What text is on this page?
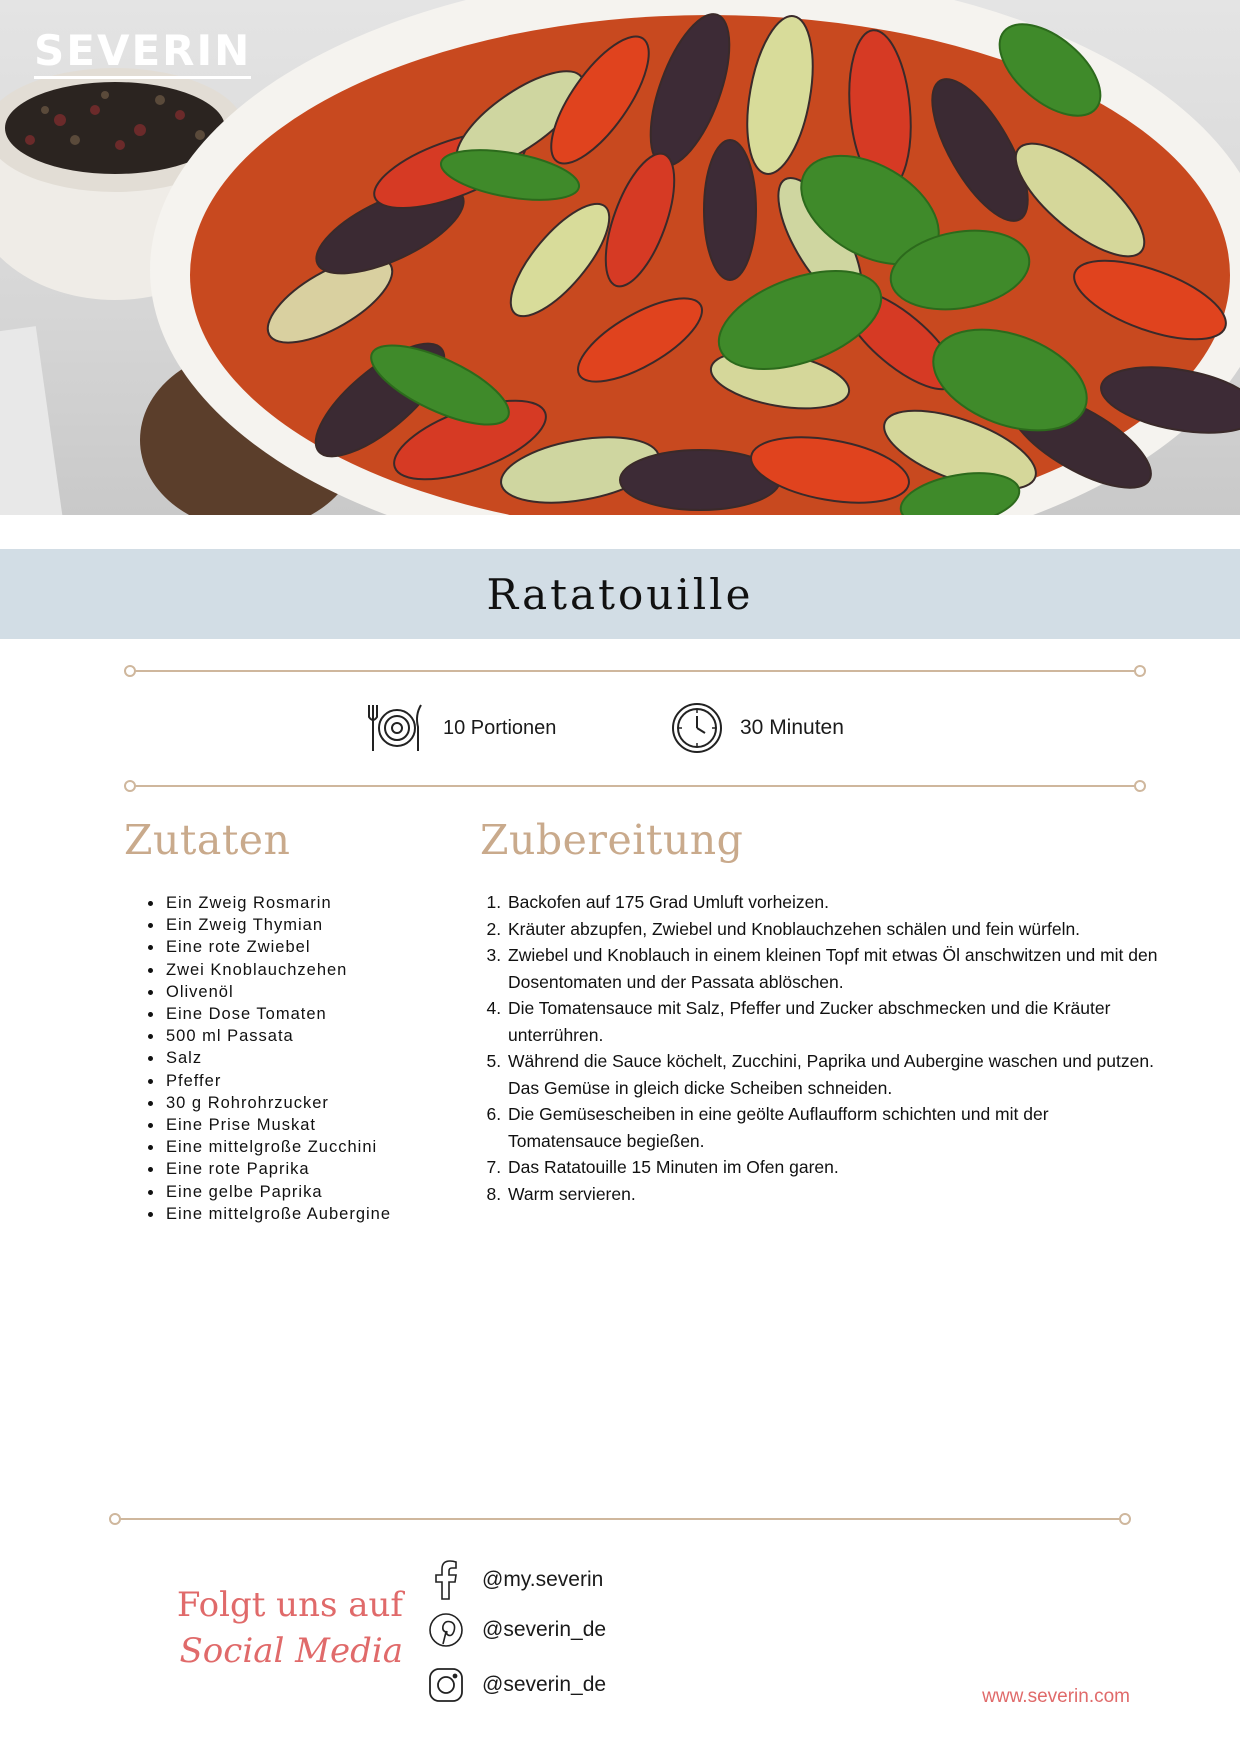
SEVERIN
Ratatouille
10 Portionen	30 Minuten
Zutaten
• Ein Zweig Rosmarin
• Ein Zweig Thymian
• Eine rote Zwiebel
• Zwei Knoblauchzehen
• Olivenöl
• Eine Dose Tomaten
• 500 ml Passata
• Salz
• Pfeffer
• 30 g Rohrohrzucker
• Eine Prise Muskat
• Eine mittelgroße Zucchini
• Eine rote Paprika
• Eine gelbe Paprika
• Eine mittelgroße Aubergine
Zubereitung
1. Backofen auf 175 Grad Umluft vorheizen.
2. Kräuter abzupfen, Zwiebel und Knoblauchzehen schälen und fein würfeln.
3. Zwiebel und Knoblauch in einem kleinen Topf mit etwas Öl anschwitzen und mit den Dosentomaten und der Passata ablöschen.
4. Die Tomatensauce mit Salz, Pfeffer und Zucker abschmecken und die Kräuter unterrühren.
5. Während die Sauce köchelt, Zucchini, Paprika und Aubergine waschen und putzen. Das Gemüse in gleich dicke Scheiben schneiden.
6. Die Gemüsescheiben in eine geölte Auflaufform schichten und mit der Tomatensauce begießen.
7. Das Ratatouille 15 Minuten im Ofen garen.
8. Warm servieren.
Folgt uns auf
Social Media
@my.severin
@severin_de
@severin_de
www.severin.com
